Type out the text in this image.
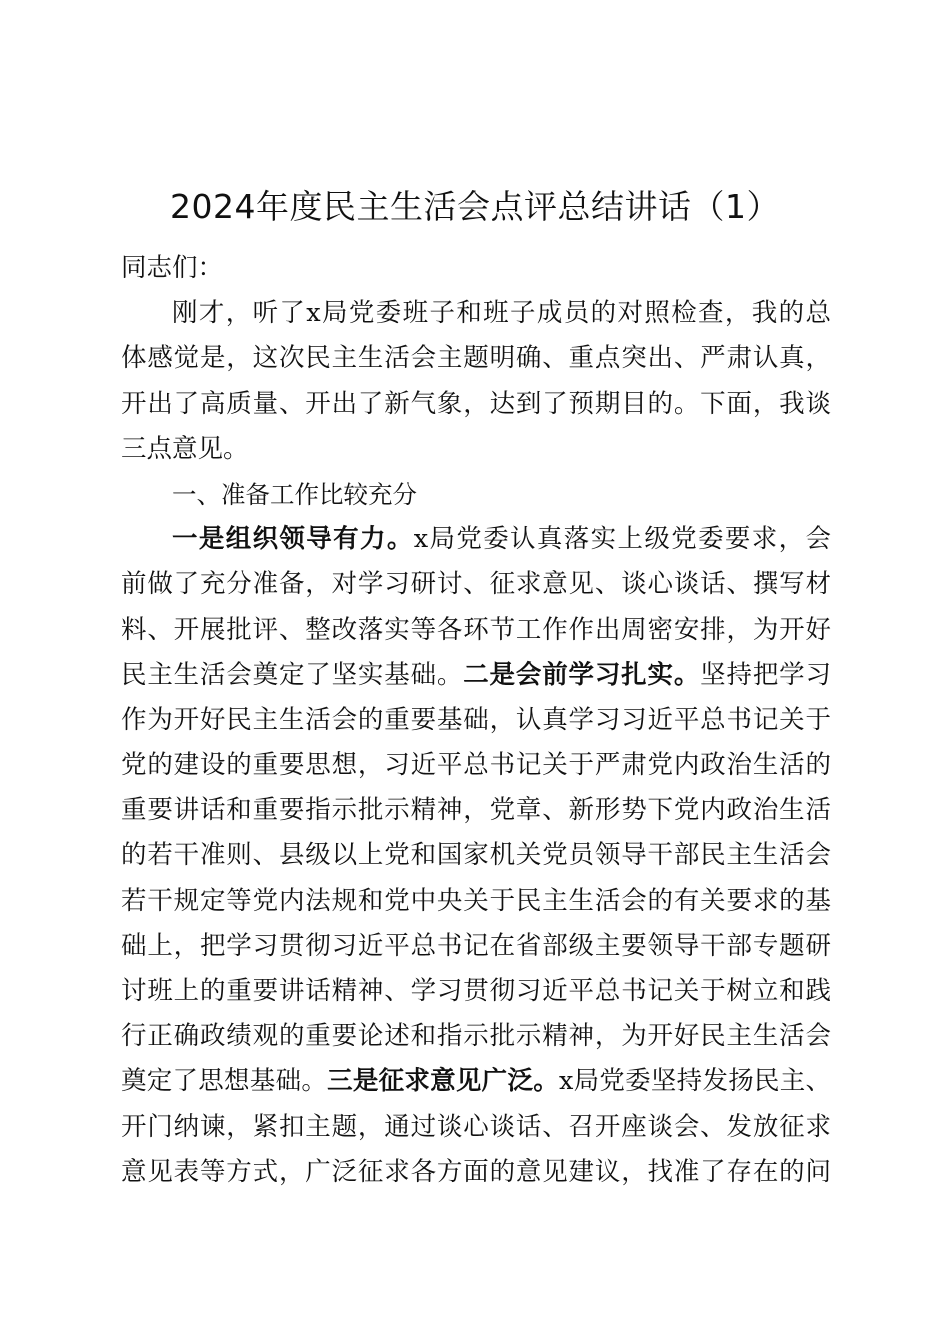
2024年度民主生活会点评总结讲话（1）
同志们：
刚才，听了x局党委班子和班子成员的对照检查，我的总
体感觉是，这次民主生活会主题明确、重点突出、严肃认真，
开出了高质量、开出了新气象，达到了预期目的。下面，我谈
三点意见。
一、准备工作比较充分
一是组织领导有力。x局党委认真落实上级党委要求，会
前做了充分准备，对学习研讨、征求意见、谈心谈话、撰写材
料、开展批评、整改落实等各环节工作作出周密安排，为开好
民主生活会奠定了坚实基础。二是会前学习扎实。坚持把学习
作为开好民主生活会的重要基础，认真学习习近平总书记关于
党的建设的重要思想，习近平总书记关于严肃党内政治生活的
重要讲话和重要指示批示精神，党章、新形势下党内政治生活
的若干准则、县级以上党和国家机关党员领导干部民主生活会
若干规定等党内法规和党中央关于民主生活会的有关要求的基
础上，把学习贯彻习近平总书记在省部级主要领导干部专题研
讨班上的重要讲话精神、学习贯彻习近平总书记关于树立和践
行正确政绩观的重要论述和指示批示精神，为开好民主生活会
奠定了思想基础。三是征求意见广泛。x局党委坚持发扬民主、
开门纳谏，紧扣主题，通过谈心谈话、召开座谈会、发放征求
意见表等方式，广泛征求各方面的意见建议，找准了存在的问
